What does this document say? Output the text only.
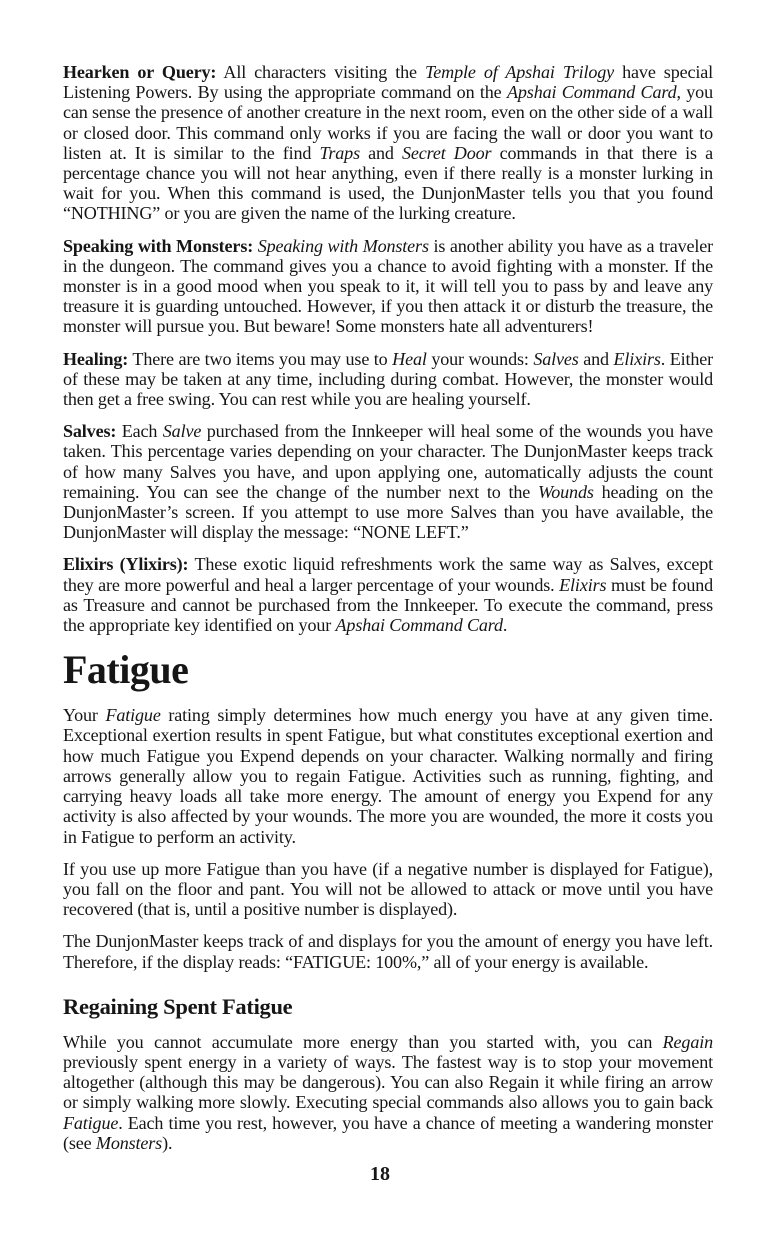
Hearken or Query: All characters visiting the Temple of Apshai Trilogy have special Listening Powers. By using the appropriate command on the Apshai Command Card, you can sense the presence of another creature in the next room, even on the other side of a wall or closed door. This command only works if you are facing the wall or door you want to listen at. It is similar to the find Traps and Secret Door commands in that there is a percentage chance you will not hear anything, even if there really is a monster lurking in wait for you. When this command is used, the DunjonMaster tells you that you found “NOTHING” or you are given the name of the lurking creature.

Speaking with Monsters: Speaking with Monsters is another ability you have as a traveler in the dungeon. The command gives you a chance to avoid fighting with a monster. If the monster is in a good mood when you speak to it, it will tell you to pass by and leave any treasure it is guarding untouched. However, if you then attack it or disturb the treasure, the monster will pursue you. But beware! Some monsters hate all adventurers!

Healing: There are two items you may use to Heal your wounds: Salves and Elixirs. Either of these may be taken at any time, including during combat. However, the monster would then get a free swing. You can rest while you are healing yourself.

Salves: Each Salve purchased from the Innkeeper will heal some of the wounds you have taken. This percentage varies depending on your character. The DunjonMaster keeps track of how many Salves you have, and upon applying one, automatically adjusts the count remaining. You can see the change of the number next to the Wounds heading on the DunjonMaster’s screen. If you attempt to use more Salves than you have available, the DunjonMaster will display the message: “NONE LEFT.”

Elixirs (Ylixirs): These exotic liquid refreshments work the same way as Salves, except they are more powerful and heal a larger percentage of your wounds. Elixirs must be found as Treasure and cannot be purchased from the Innkeeper. To execute the command, press the appropriate key identified on your Apshai Command Card.

Fatigue

Your Fatigue rating simply determines how much energy you have at any given time. Exceptional exertion results in spent Fatigue, but what constitutes exceptional exertion and how much Fatigue you Expend depends on your character. Walking normally and firing arrows generally allow you to regain Fatigue. Activities such as running, fighting, and carrying heavy loads all take more energy. The amount of energy you Expend for any activity is also affected by your wounds. The more you are wounded, the more it costs you in Fatigue to perform an activity.

If you use up more Fatigue than you have (if a negative number is displayed for Fatigue), you fall on the floor and pant. You will not be allowed to attack or move until you have recovered (that is, until a positive number is displayed).

The DunjonMaster keeps track of and displays for you the amount of energy you have left. Therefore, if the display reads: “FATIGUE: 100%,” all of your energy is available.

Regaining Spent Fatigue

While you cannot accumulate more energy than you started with, you can Regain previously spent energy in a variety of ways. The fastest way is to stop your movement altogether (although this may be dangerous). You can also Regain it while firing an arrow or simply walking more slowly. Executing special commands also allows you to gain back Fatigue. Each time you rest, however, you have a chance of meeting a wandering monster (see Monsters).

18
